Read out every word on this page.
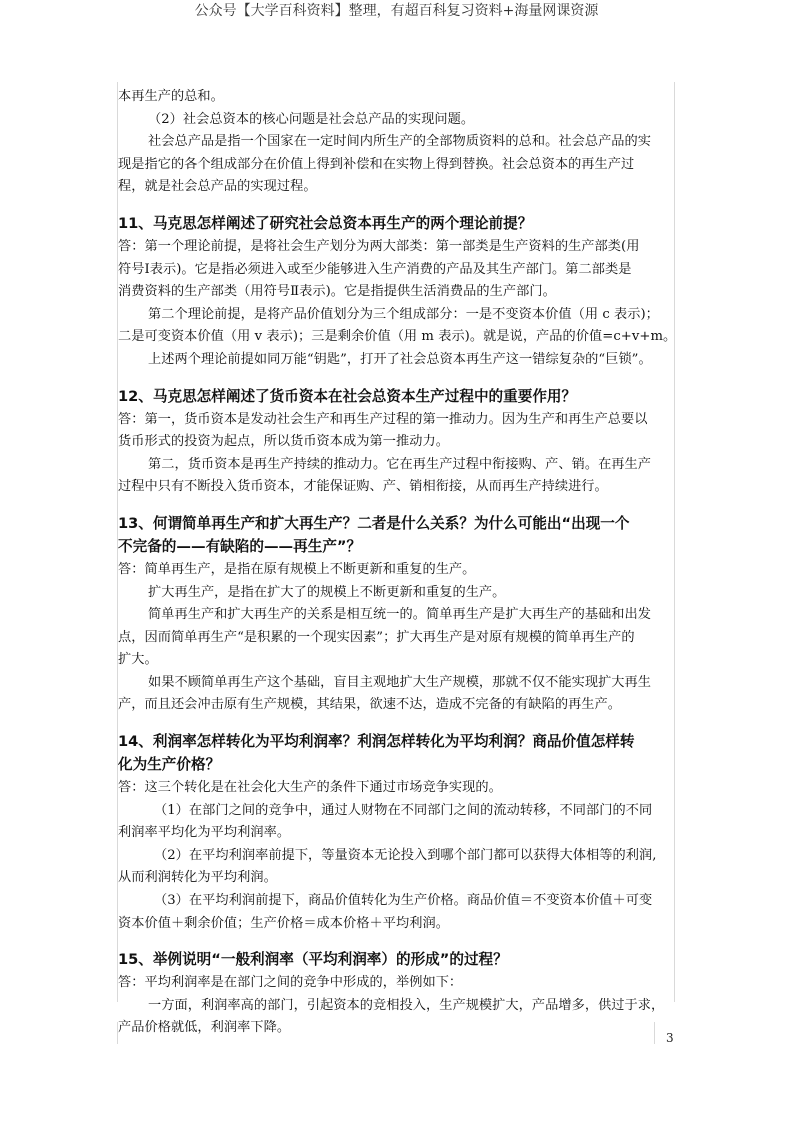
公众号【大学百科资料】整理，有超百科复习资料+海量网课资源

本再生产的总和。

（2）社会总资本的核心问题是社会总产品的实现问题。

社会总产品是指一个国家在一定时间内所生产的全部物质资料的总和。社会总产品的实

现是指它的各个组成部分在价值上得到补偿和在实物上得到替换。社会总资本的再生产过

程，就是社会总产品的实现过程。

11、马克思怎样阐述了研究社会总资本再生产的两个理论前提？

答：第一个理论前提，是将社会生产划分为两大部类：第一部类是生产资料的生产部类(用

符号Ⅰ表示)。它是指必须进入或至少能够进入生产消费的产品及其生产部门。第二部类是

消费资料的生产部类（用符号Ⅱ表示)。它是指提供生活消费品的生产部门。

第二个理论前提，是将产品价值划分为三个组成部分：一是不变资本价值（用 c 表示)；

二是可变资本价值（用 v 表示)；三是剩余价值（用 m 表示)。就是说，产品的价值=c+v+m。

上述两个理论前提如同万能“钥匙”，打开了社会总资本再生产这一错综复杂的“巨锁”。

12、马克思怎样阐述了货币资本在社会总资本生产过程中的重要作用？

答：第一，货币资本是发动社会生产和再生产过程的第一推动力。因为生产和再生产总要以

货币形式的投资为起点，所以货币资本成为第一推动力。

第二，货币资本是再生产持续的推动力。它在再生产过程中衔接购、产、销。在再生产

过程中只有不断投入货币资本，才能保证购、产、销相衔接，从而再生产持续进行。

13、何谓简单再生产和扩大再生产？二者是什么关系？为什么可能出“出现一个
不完备的——有缺陷的——再生产”？

答：简单再生产，是指在原有规模上不断更新和重复的生产。

扩大再生产，是指在扩大了的规模上不断更新和重复的生产。

简单再生产和扩大再生产的关系是相互统一的。简单再生产是扩大再生产的基础和出发

点，因而简单再生产“是积累的一个现实因素”；扩大再生产是对原有规模的简单再生产的

扩大。

如果不顾简单再生产这个基础，盲目主观地扩大生产规模，那就不仅不能实现扩大再生

产，而且还会冲击原有生产规模，其结果，欲速不达，造成不完备的有缺陷的再生产。

14、利润率怎样转化为平均利润率？利润怎样转化为平均利润？商品价值怎样转
化为生产价格？

答：这三个转化是在社会化大生产的条件下通过市场竞争实现的。

（1）在部门之间的竞争中，通过人财物在不同部门之间的流动转移，不同部门的不同

利润率平均化为平均利润率。

（2）在平均利润率前提下，等量资本无论投入到哪个部门都可以获得大体相等的利润,

从而利润转化为平均利润。

（3）在平均利润前提下，商品价值转化为生产价格。商品价值＝不变资本价值＋可变

资本价值＋剩余价值；生产价格＝成本价格＋平均利润。

15、举例说明“一般利润率（平均利润率）的形成”的过程？

答：平均利润率是在部门之间的竞争中形成的，举例如下：

一方面，利润率高的部门，引起资本的竞相投入，生产规模扩大，产品增多，供过于求，

产品价格就低，利润率下降。

3
